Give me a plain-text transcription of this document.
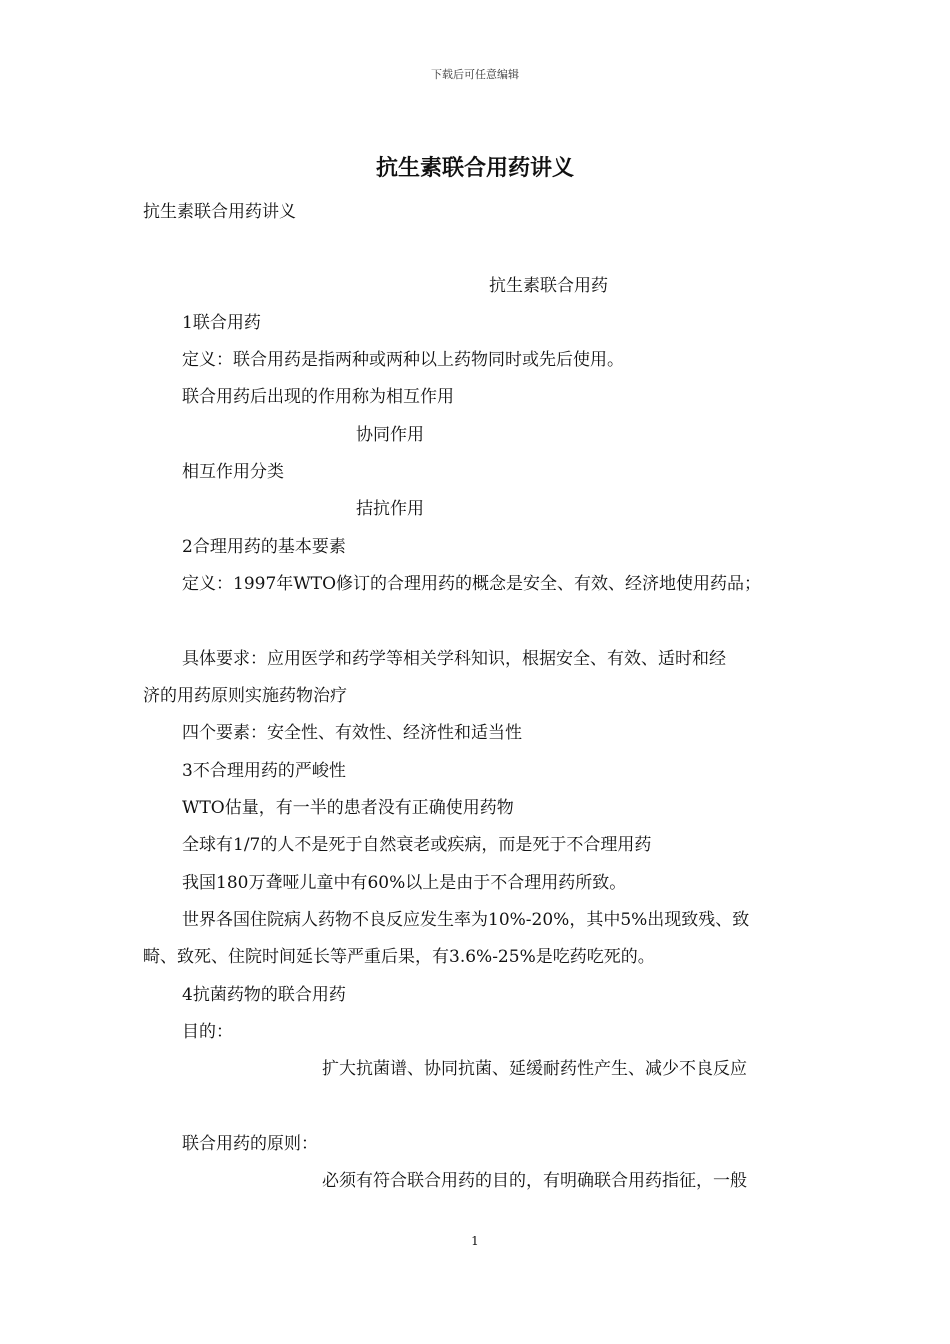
下载后可任意编辑
抗生素联合用药讲义
抗生素联合用药讲义
抗生素联合用药
1联合用药
定义：联合用药是指两种或两种以上药物同时或先后使用。
联合用药后出现的作用称为相互作用
协同作用
相互作用分类
拮抗作用
2合理用药的基本要素
定义：1997年WTO修订的合理用药的概念是安全、有效、经济地使用药品；
具体要求：应用医学和药学等相关学科知识，根据安全、有效、适时和经
济的用药原则实施药物治疗
四个要素：安全性、有效性、经济性和适当性
3不合理用药的严峻性
WTO估量，有一半的患者没有正确使用药物
全球有1/7的人不是死于自然衰老或疾病，而是死于不合理用药
我国180万聋哑儿童中有60%以上是由于不合理用药所致。
世界各国住院病人药物不良反应发生率为10%-20%，其中5%出现致残、致
畸、致死、住院时间延长等严重后果，有3.6%-25%是吃药吃死的。
4抗菌药物的联合用药
目的：
扩大抗菌谱、协同抗菌、延缓耐药性产生、减少不良反应
联合用药的原则：
必须有符合联合用药的目的，有明确联合用药指征，一般
1
